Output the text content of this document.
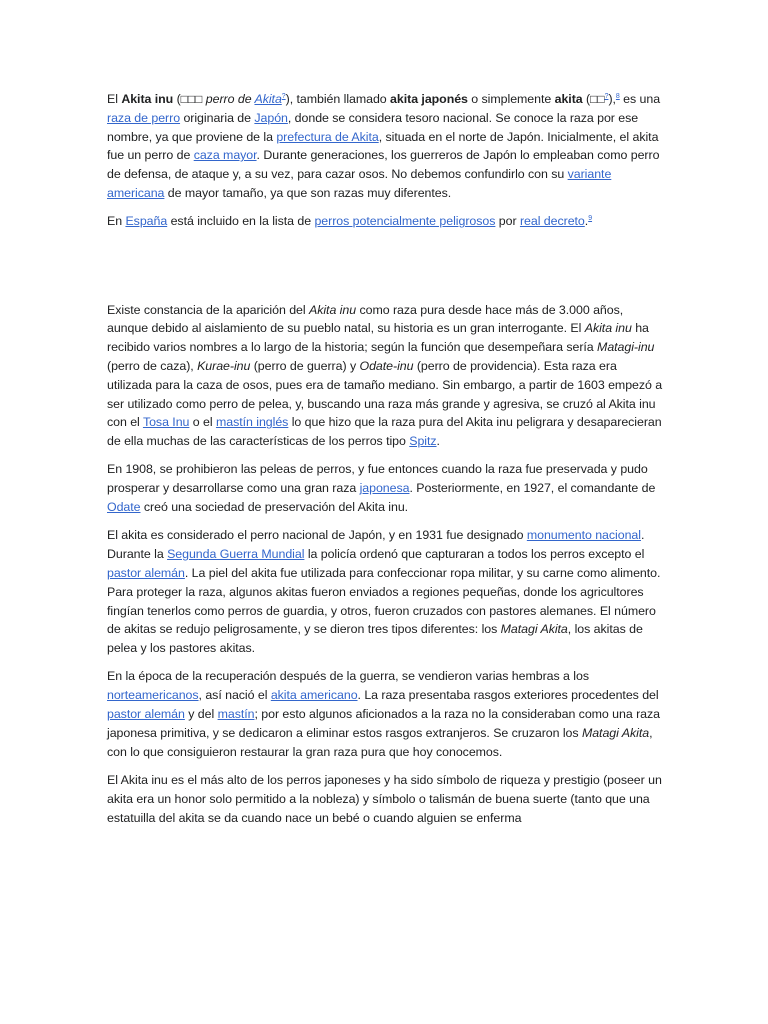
El Akita inu (□□□ perro de Akita?), también llamado akita japonés o simplemente akita (□□?),$^8$ es una raza de perro originaria de Japón, donde se considera tesoro nacional. Se conoce la raza por ese nombre, ya que proviene de la prefectura de Akita, situada en el norte de Japón. Inicialmente, el akita fue un perro de caza mayor. Durante generaciones, los guerreros de Japón lo empleaban como perro de defensa, de ataque y, a su vez, para cazar osos. No debemos confundirlo con su variante americana de mayor tamaño, ya que son razas muy diferentes.

En España está incluido en la lista de perros potencialmente peligrosos por real decreto.$^9$

Existe constancia de la aparición del Akita inu como raza pura desde hace más de 3.000 años, aunque debido al aislamiento de su pueblo natal, su historia es un gran interrogante. El Akita inu ha recibido varios nombres a lo largo de la historia; según la función que desempeñara sería Matagi-inu (perro de caza), Kurae-inu (perro de guerra) y Odate-inu (perro de providencia). Esta raza era utilizada para la caza de osos, pues era de tamaño mediano. Sin embargo, a partir de 1603 empezó a ser utilizado como perro de pelea, y, buscando una raza más grande y agresiva, se cruzó al Akita inu con el Tosa Inu o el mastín inglés lo que hizo que la raza pura del Akita inu peligrara y desaparecieran de ella muchas de las características de los perros tipo Spitz.

En 1908, se prohibieron las peleas de perros, y fue entonces cuando la raza fue preservada y pudo prosperar y desarrollarse como una gran raza japonesa. Posteriormente, en 1927, el comandante de Odate creó una sociedad de preservación del Akita inu.

El akita es considerado el perro nacional de Japón, y en 1931 fue designado monumento nacional. Durante la Segunda Guerra Mundial la policía ordenó que capturaran a todos los perros excepto el pastor alemán. La piel del akita fue utilizada para confeccionar ropa militar, y su carne como alimento. Para proteger la raza, algunos akitas fueron enviados a regiones pequeñas, donde los agricultores fingían tenerlos como perros de guardia, y otros, fueron cruzados con pastores alemanes. El número de akitas se redujo peligrosamente, y se dieron tres tipos diferentes: los Matagi Akita, los akitas de pelea y los pastores akitas.

En la época de la recuperación después de la guerra, se vendieron varias hembras a los norteamericanos, así nació el akita americano. La raza presentaba rasgos exteriores procedentes del pastor alemán y del mastín; por esto algunos aficionados a la raza no la consideraban como una raza japonesa primitiva, y se dedicaron a eliminar estos rasgos extranjeros. Se cruzaron los Matagi Akita, con lo que consiguieron restaurar la gran raza pura que hoy conocemos.

El Akita inu es el más alto de los perros japoneses y ha sido símbolo de riqueza y prestigio (poseer un akita era un honor solo permitido a la nobleza) y símbolo o talismán de buena suerte (tanto que una estatuilla del akita se da cuando nace un bebé o cuando alguien se enferma
